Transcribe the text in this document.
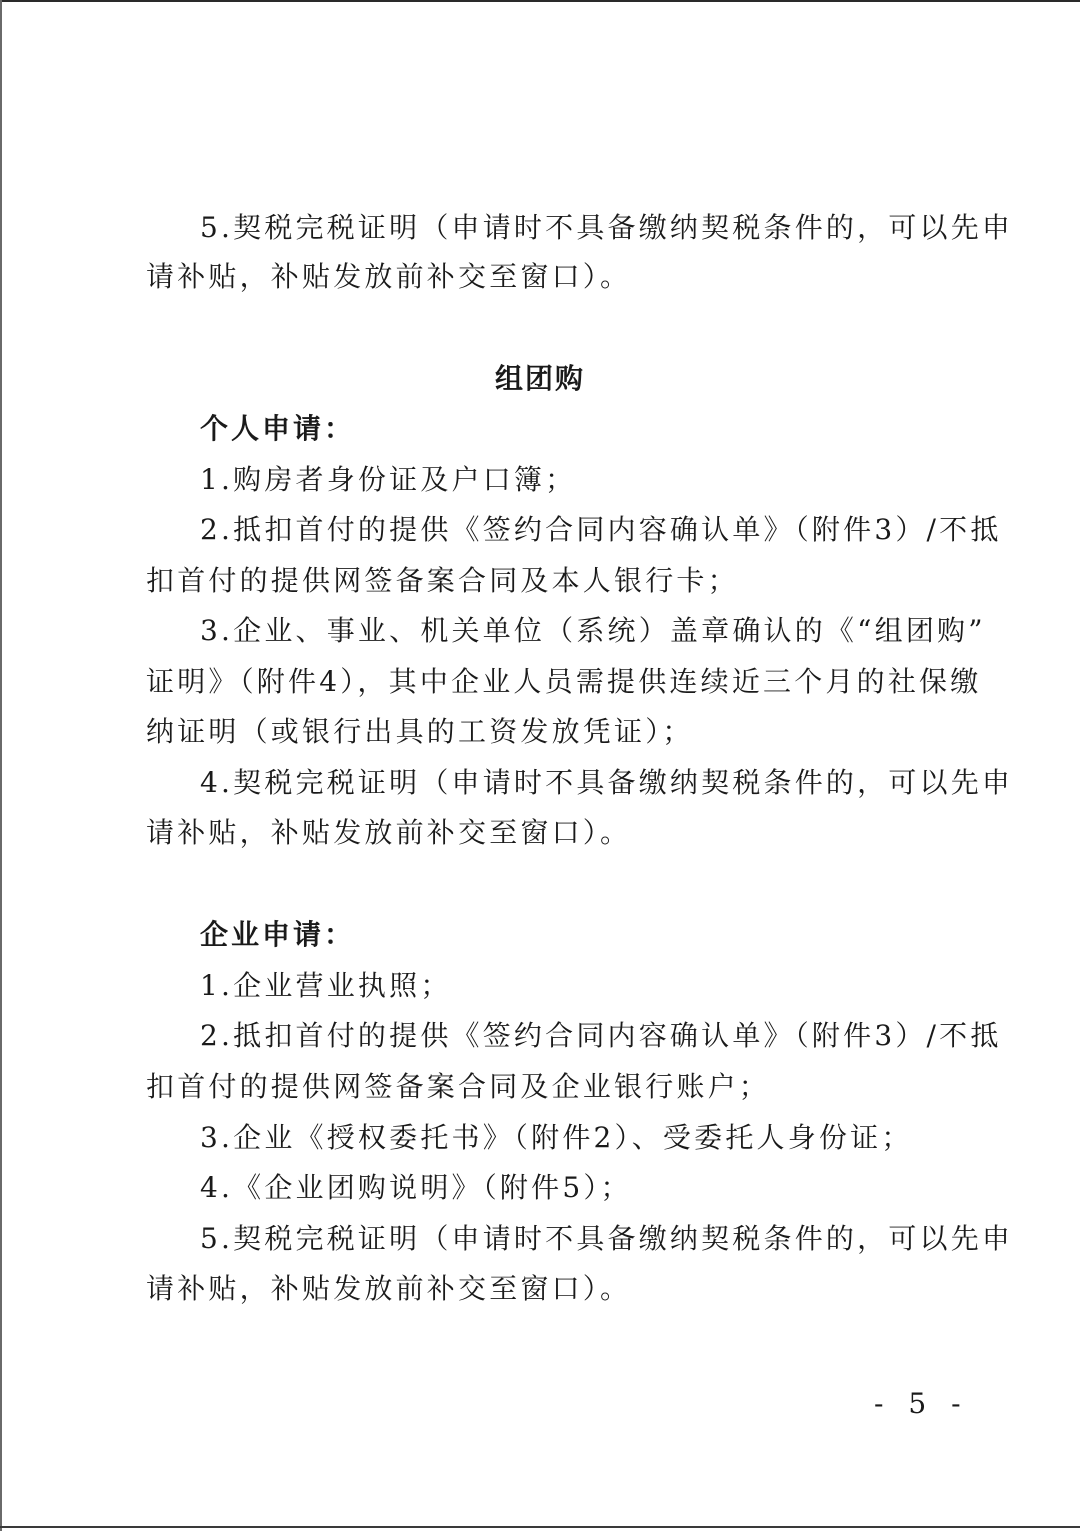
5.契税完税证明（申请时不具备缴纳契税条件的，可以先申
请补贴，补贴发放前补交至窗口）。
组团购
个人申请：
1.购房者身份证及户口簿；
2.抵扣首付的提供《签约合同内容确认单》（附件3）/不抵
扣首付的提供网签备案合同及本人银行卡；
3.企业、事业、机关单位（系统）盖章确认的《“组团购”
证明》（附件4），其中企业人员需提供连续近三个月的社保缴
纳证明（或银行出具的工资发放凭证）；
4.契税完税证明（申请时不具备缴纳契税条件的，可以先申
请补贴，补贴发放前补交至窗口）。
企业申请：
1.企业营业执照；
2.抵扣首付的提供《签约合同内容确认单》（附件3）/不抵
扣首付的提供网签备案合同及企业银行账户；
3.企业《授权委托书》（附件2）、受委托人身份证；
4.《企业团购说明》（附件5）；
5.契税完税证明（申请时不具备缴纳契税条件的，可以先申
请补贴，补贴发放前补交至窗口）。
- 5 -
